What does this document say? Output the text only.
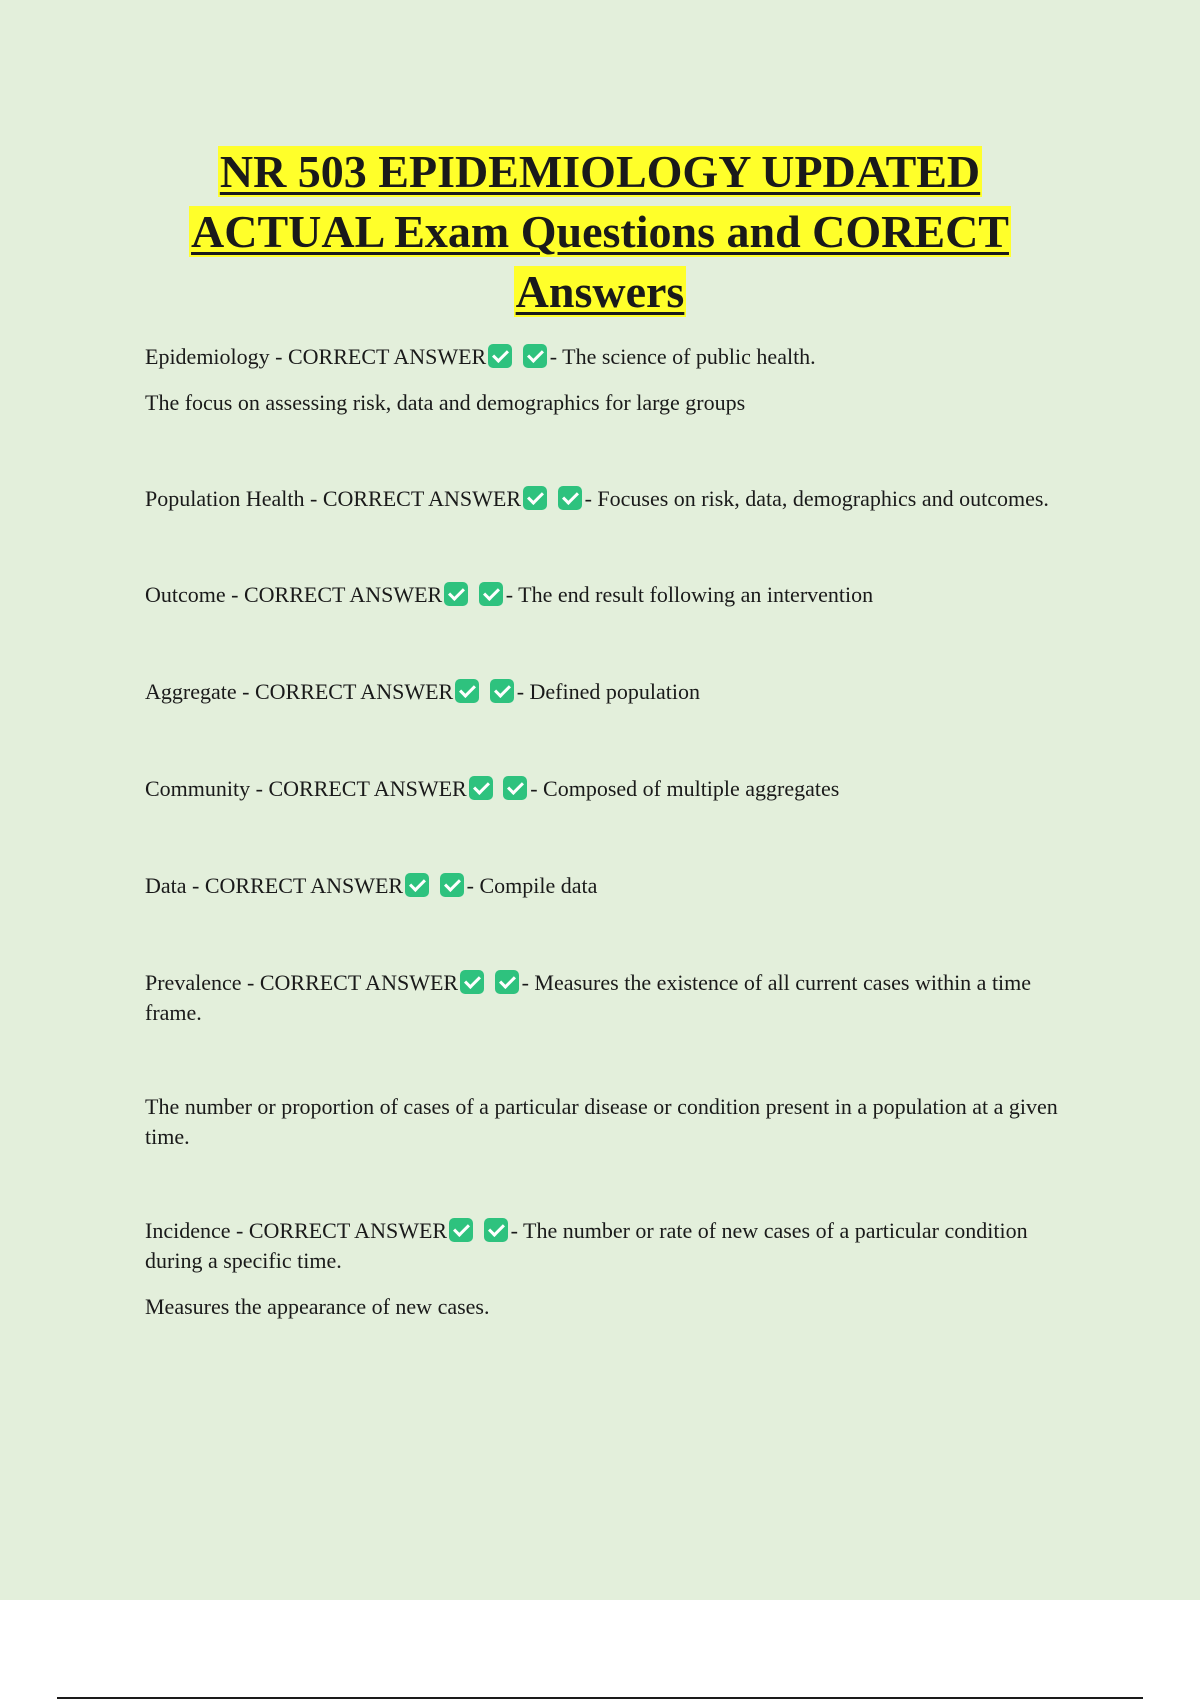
NR 503 EPIDEMIOLOGY UPDATED
ACTUAL Exam Questions and CORECT
Answers

Epidemiology - CORRECT ANSWER	- The science of public health.

The focus on assessing risk, data and demographics for large groups

Population Health - CORRECT ANSWER	- Focuses on risk, data, demographics and outcomes.

Outcome - CORRECT ANSWER	- The end result following an intervention

Aggregate - CORRECT ANSWER	- Defined population

Community - CORRECT ANSWER	- Composed of multiple aggregates

Data - CORRECT ANSWER	- Compile data

Prevalence - CORRECT ANSWER	- Measures the existence of all current cases within a time frame.

The number or proportion of cases of a particular disease or condition present in a population at a given time.

Incidence - CORRECT ANSWER	- The number or rate of new cases of a particular condition during a specific time.

Measures the appearance of new cases.
